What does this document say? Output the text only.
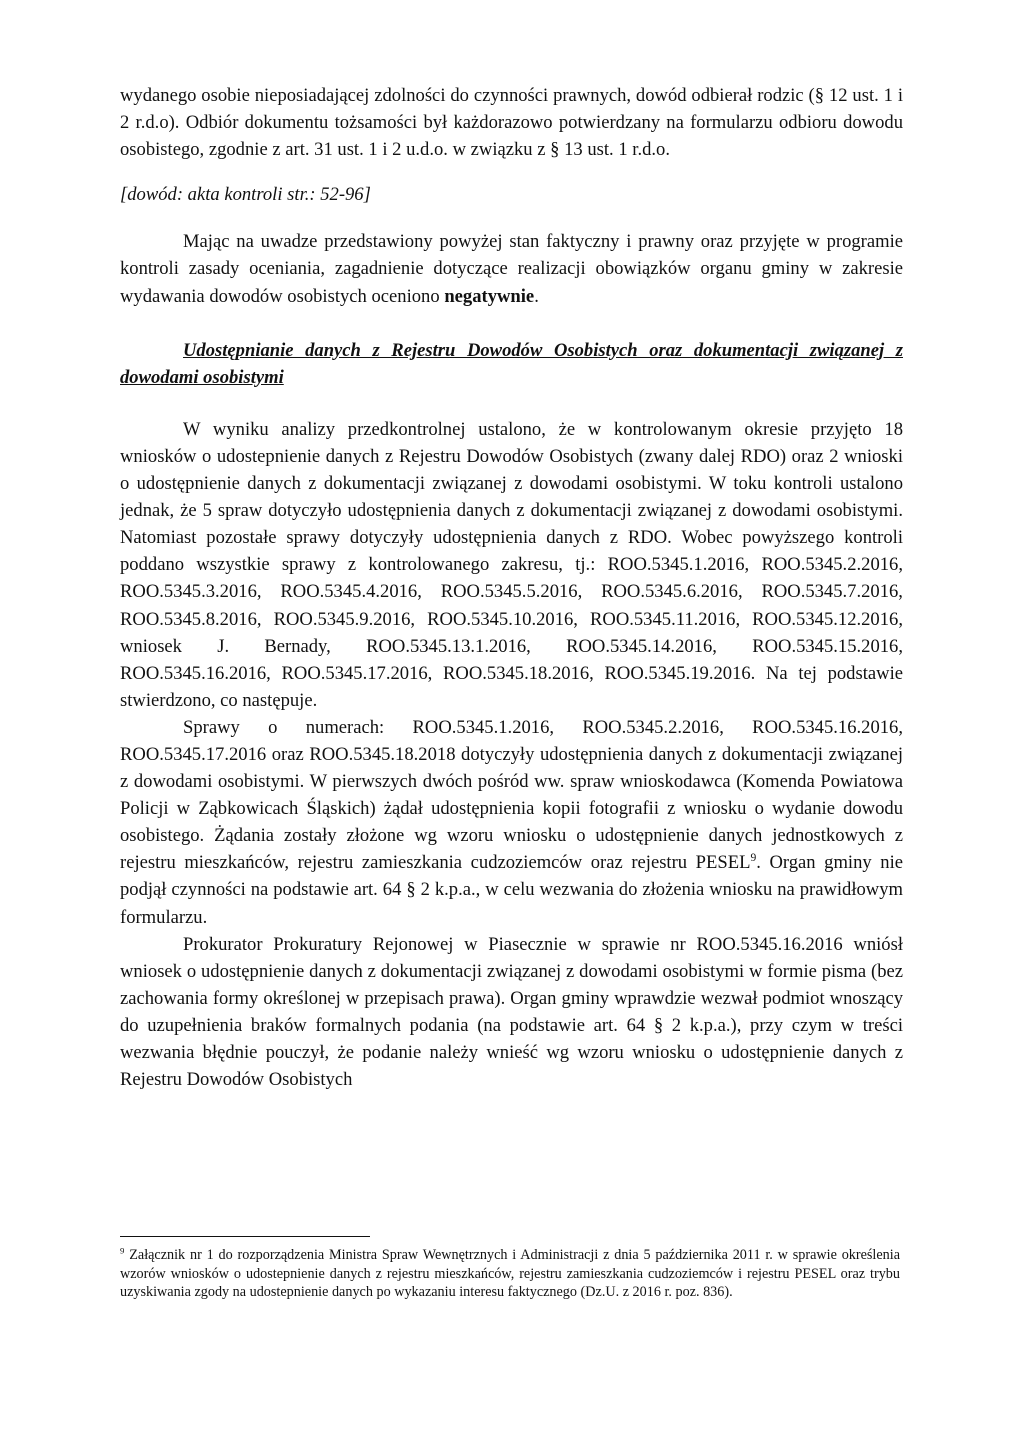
wydanego osobie nieposiadającej zdolności do czynności prawnych, dowód odbierał rodzic (§ 12 ust. 1 i 2 r.d.o). Odbiór dokumentu tożsamości był każdorazowo potwierdzany na formularzu odbioru dowodu osobistego, zgodnie z art. 31 ust. 1 i 2 u.d.o. w związku z § 13 ust. 1 r.d.o.

[dowód: akta kontroli str.: 52-96]

Mając na uwadze przedstawiony powyżej stan faktyczny i prawny oraz przyjęte w programie kontroli zasady oceniania, zagadnienie dotyczące realizacji obowiązków organu gminy w zakresie wydawania dowodów osobistych oceniono negatywnie.

Udostępnianie danych z Rejestru Dowodów Osobistych oraz dokumentacji związanej z dowodami osobistymi

W wyniku analizy przedkontrolnej ustalono, że w kontrolowanym okresie przyjęto 18 wniosków o udostepnienie danych z Rejestru Dowodów Osobistych (zwany dalej RDO) oraz 2 wnioski o udostępnienie danych z dokumentacji związanej z dowodami osobistymi. W toku kontroli ustalono jednak, że 5 spraw dotyczyło udostępnienia danych z dokumentacji związanej z dowodami osobistymi. Natomiast pozostałe sprawy dotyczyły udostępnienia danych z RDO. Wobec powyższego kontroli poddano wszystkie sprawy z kontrolowanego zakresu, tj.: ROO.5345.1.2016, ROO.5345.2.2016, ROO.5345.3.2016, ROO.5345.4.2016, ROO.5345.5.2016, ROO.5345.6.2016, ROO.5345.7.2016, ROO.5345.8.2016, ROO.5345.9.2016, ROO.5345.10.2016, ROO.5345.11.2016, ROO.5345.12.2016, wniosek J. Bernady, ROO.5345.13.1.2016, ROO.5345.14.2016, ROO.5345.15.2016, ROO.5345.16.2016, ROO.5345.17.2016, ROO.5345.18.2016, ROO.5345.19.2016. Na tej podstawie stwierdzono, co następuje.

Sprawy o numerach: ROO.5345.1.2016, ROO.5345.2.2016, ROO.5345.16.2016, ROO.5345.17.2016 oraz ROO.5345.18.2018 dotyczyły udostępnienia danych z dokumentacji związanej z dowodami osobistymi. W pierwszych dwóch pośród ww. spraw wnioskodawca (Komenda Powiatowa Policji w Ząbkowicach Śląskich) żądał udostępnienia kopii fotografii z wniosku o wydanie dowodu osobistego. Żądania zostały złożone wg wzoru wniosku o udostępnienie danych jednostkowych z rejestru mieszkańców, rejestru zamieszkania cudzoziemców oraz rejestru PESEL$^9$. Organ gminy nie podjął czynności na podstawie art. 64 § 2 k.p.a., w celu wezwania do złożenia wniosku na prawidłowym formularzu.

Prokurator Prokuratury Rejonowej w Piasecznie w sprawie nr ROO.5345.16.2016 wniósł wniosek o udostępnienie danych z dokumentacji związanej z dowodami osobistymi w formie pisma (bez zachowania formy określonej w przepisach prawa). Organ gminy wprawdzie wezwał podmiot wnoszący do uzupełnienia braków formalnych podania (na podstawie art. 64 § 2 k.p.a.), przy czym w treści wezwania błędnie pouczył, że podanie należy wnieść wg wzoru wniosku o udostępnienie danych z Rejestru Dowodów Osobistych

$^9$ Załącznik nr 1 do rozporządzenia Ministra Spraw Wewnętrznych i Administracji z dnia 5 października 2011 r. w sprawie określenia wzorów wniosków o udostepnienie danych z rejestru mieszkańców, rejestru zamieszkania cudzoziemców i rejestru PESEL oraz trybu uzyskiwania zgody na udostepnienie danych po wykazaniu interesu faktycznego (Dz.U. z 2016 r. poz. 836).
